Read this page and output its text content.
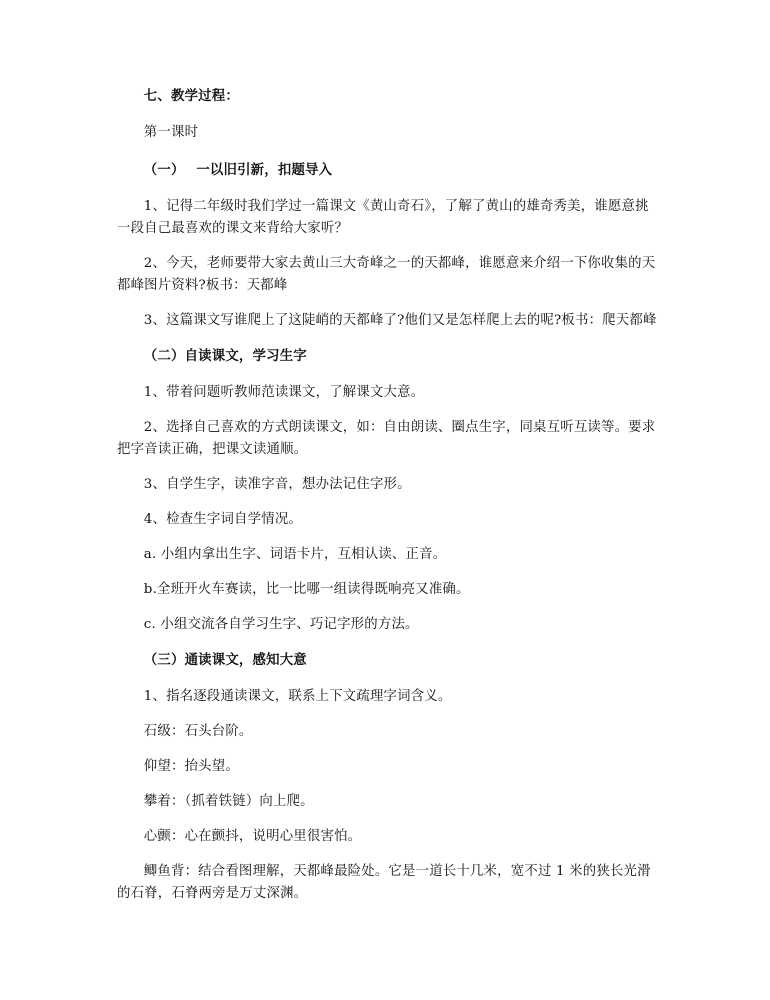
七、教学过程：

第一课时

（一）　 一以旧引新，扣题导入

1、记得二年级时我们学过一篇课文《黄山奇石》，了解了黄山的雄奇秀美，谁愿意挑一段自己最喜欢的课文来背给大家听？

2、今天，老师要带大家去黄山三大奇峰之一的天都峰，谁愿意来介绍一下你收集的天都峰图片资料?板书：天都峰

3、这篇课文写谁爬上了这陡峭的天都峰了?他们又是怎样爬上去的呢?板书：爬天都峰

（二）自读课文，学习生字

1、带着问题听教师范读课文，了解课文大意。

2、选择自己喜欢的方式朗读课文，如：自由朗读、圈点生字，同桌互听互读等。要求把字音读正确，把课文读通顺。

3、自学生字，读准字音，想办法记住字形。

4、检查生字词自学情况。

a. 小组内拿出生字、词语卡片，互相认读、正音。

b.全班开火车赛读，比一比哪一组读得既响亮又准确。

c. 小组交流各自学习生字、巧记字形的方法。

（三）通读课文，感知大意

1、指名逐段通读课文，联系上下文疏理字词含义。

石级：石头台阶。

仰望：抬头望。

攀着：（抓着铁链）向上爬。

心颤：心在颤抖，说明心里很害怕。

鲫鱼背：结合看图理解，天都峰最险处。它是一道长十几米，宽不过 1 米的狭长光滑的石脊，石脊两旁是万丈深渊。
